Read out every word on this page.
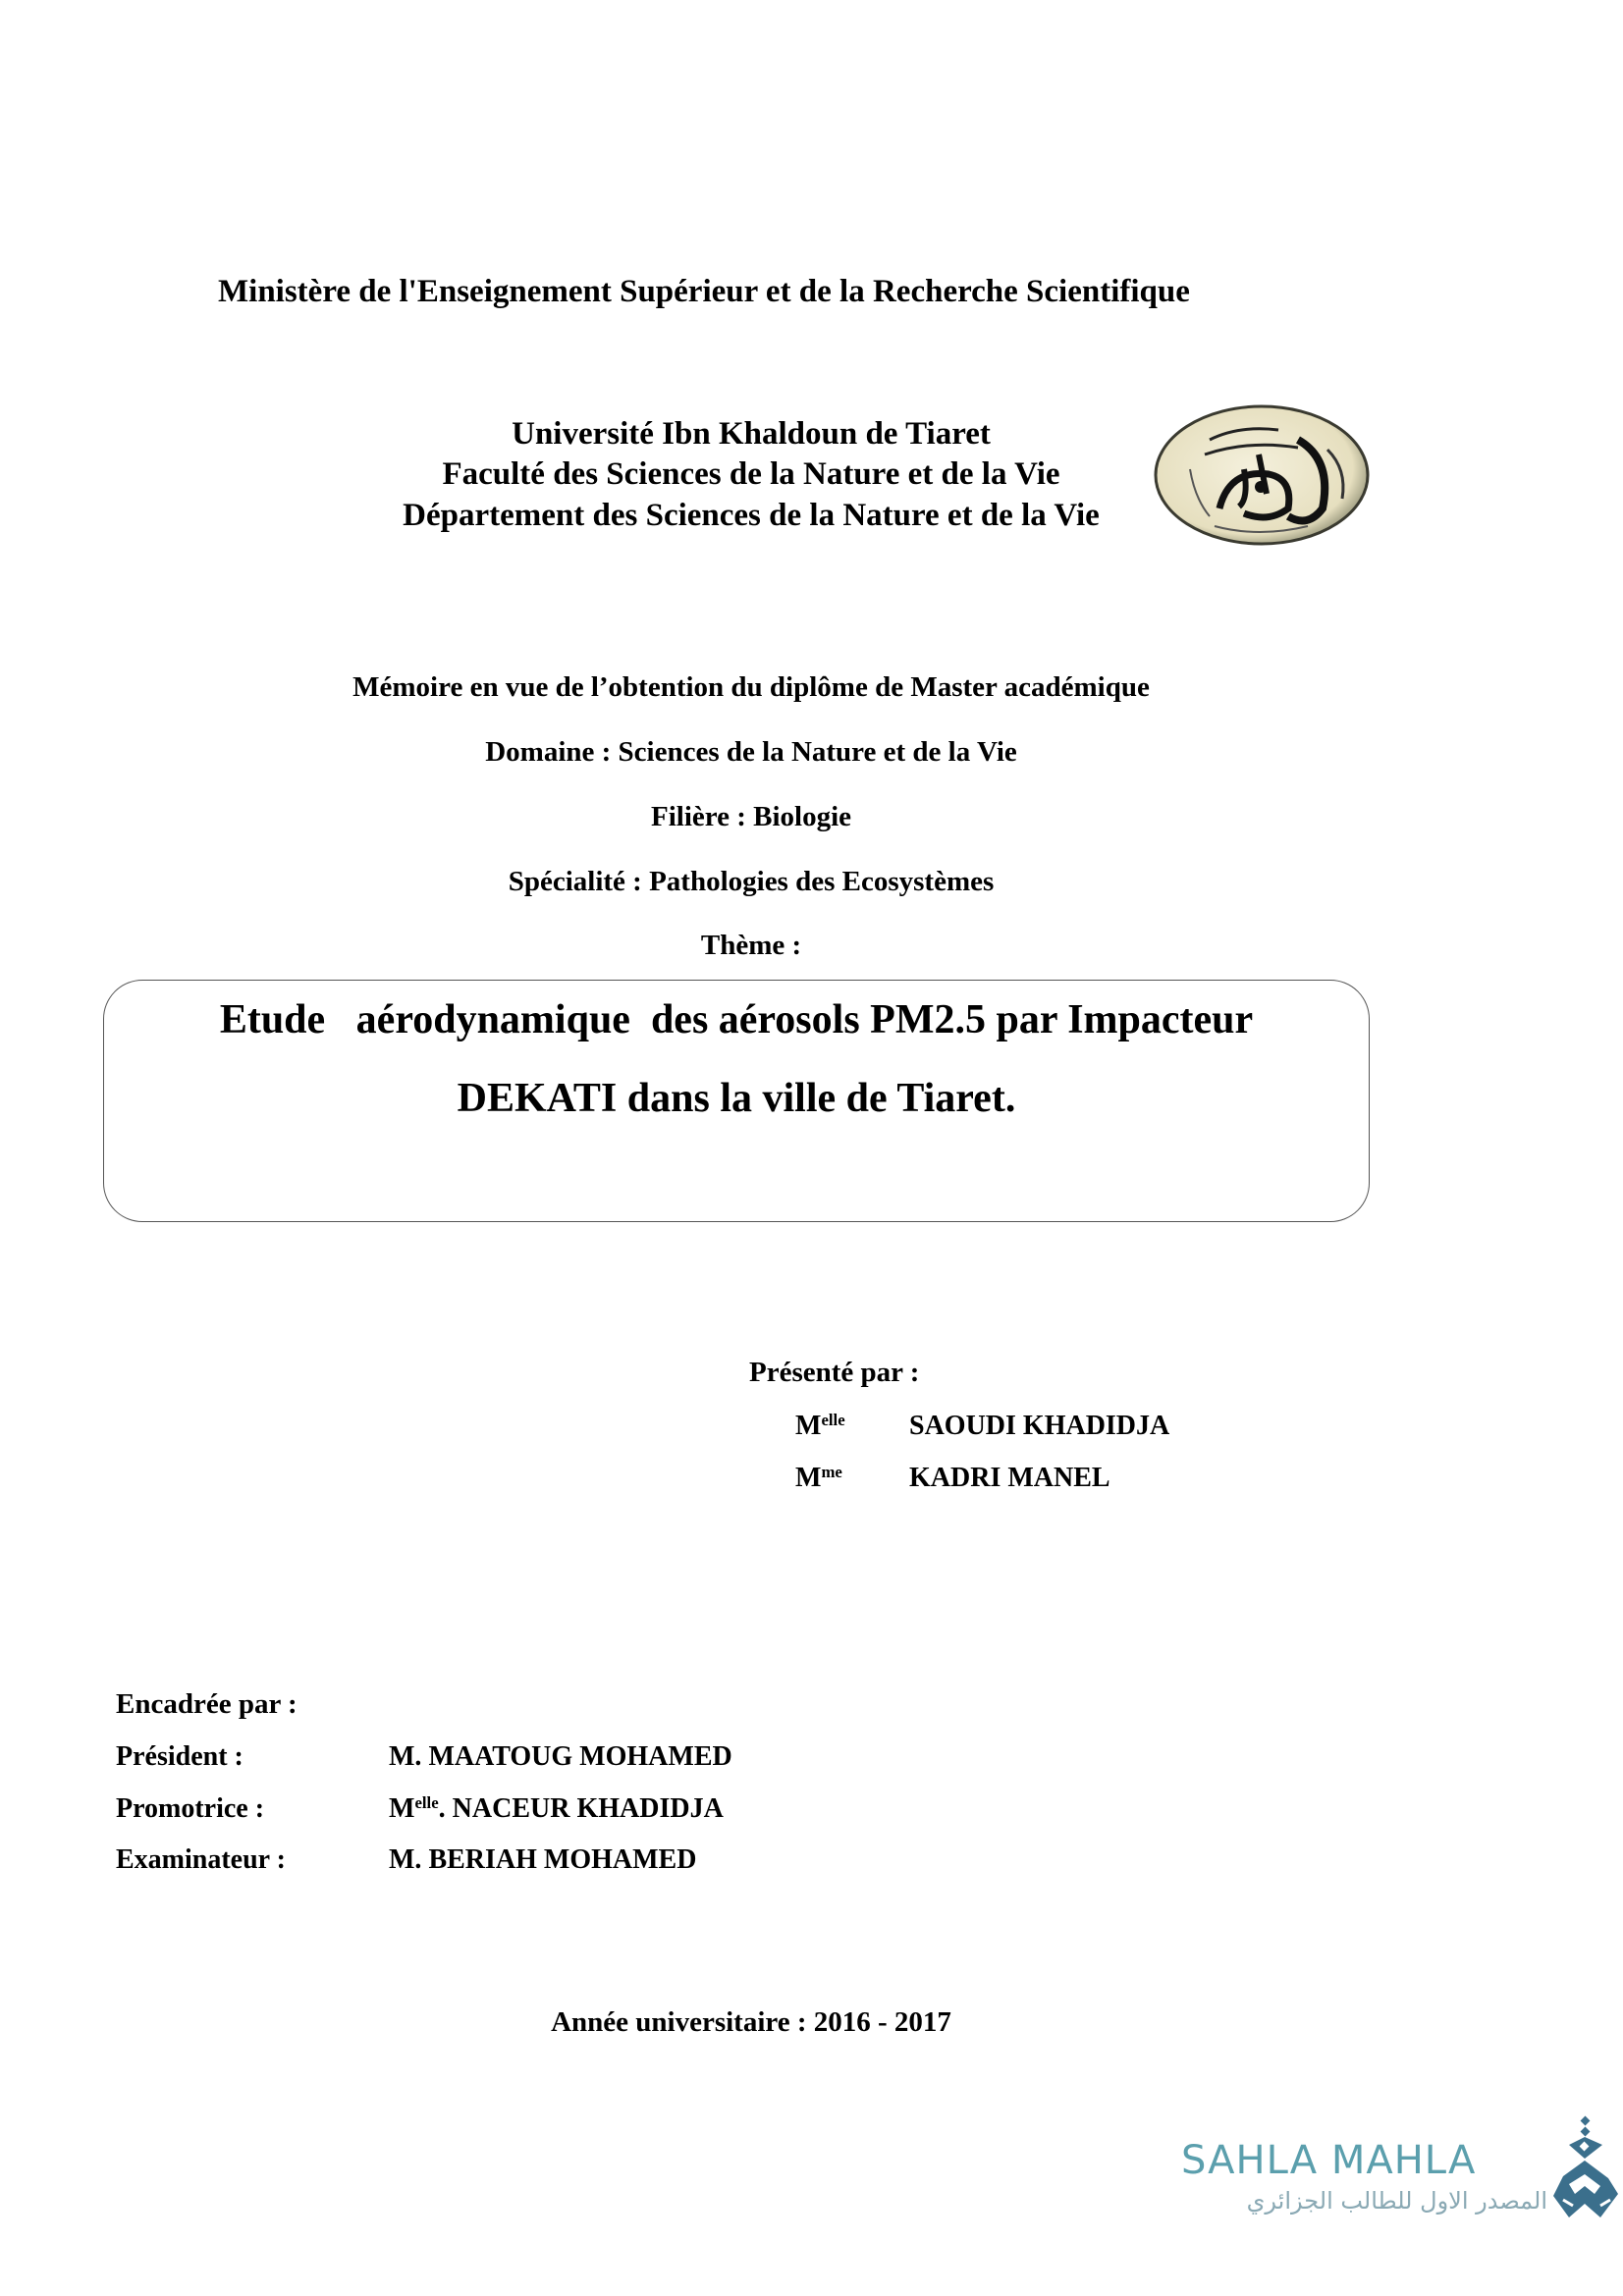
Ministère de l'Enseignement Supérieur et de la Recherche Scientifique
Université Ibn Khaldoun de Tiaret
Faculté des Sciences de la Nature et de la Vie
Département des Sciences de la Nature et de la Vie
Mémoire en vue de l’obtention du diplôme de Master académique
Domaine : Sciences de la Nature et de la Vie
Filière : Biologie
Spécialité : Pathologies des Ecosystèmes
Thème :
Etude   aérodynamique  des aérosols PM2.5 par Impacteur
DEKATI dans la ville de Tiaret.
Présenté par :
$M^{elle}$ SAOUDI KHADIDJA
$M^{me}$ KADRI MANEL
Encadrée par :
Président :	M. MAATOUG MOHAMED
Promotrice :	$M^{elle}$. NACEUR KHADIDJA
Examinateur :	M. BERIAH MOHAMED
Année universitaire : 2016 - 2017
SAHLA MAHLA
المصدر الاول للطالب الجزائري
